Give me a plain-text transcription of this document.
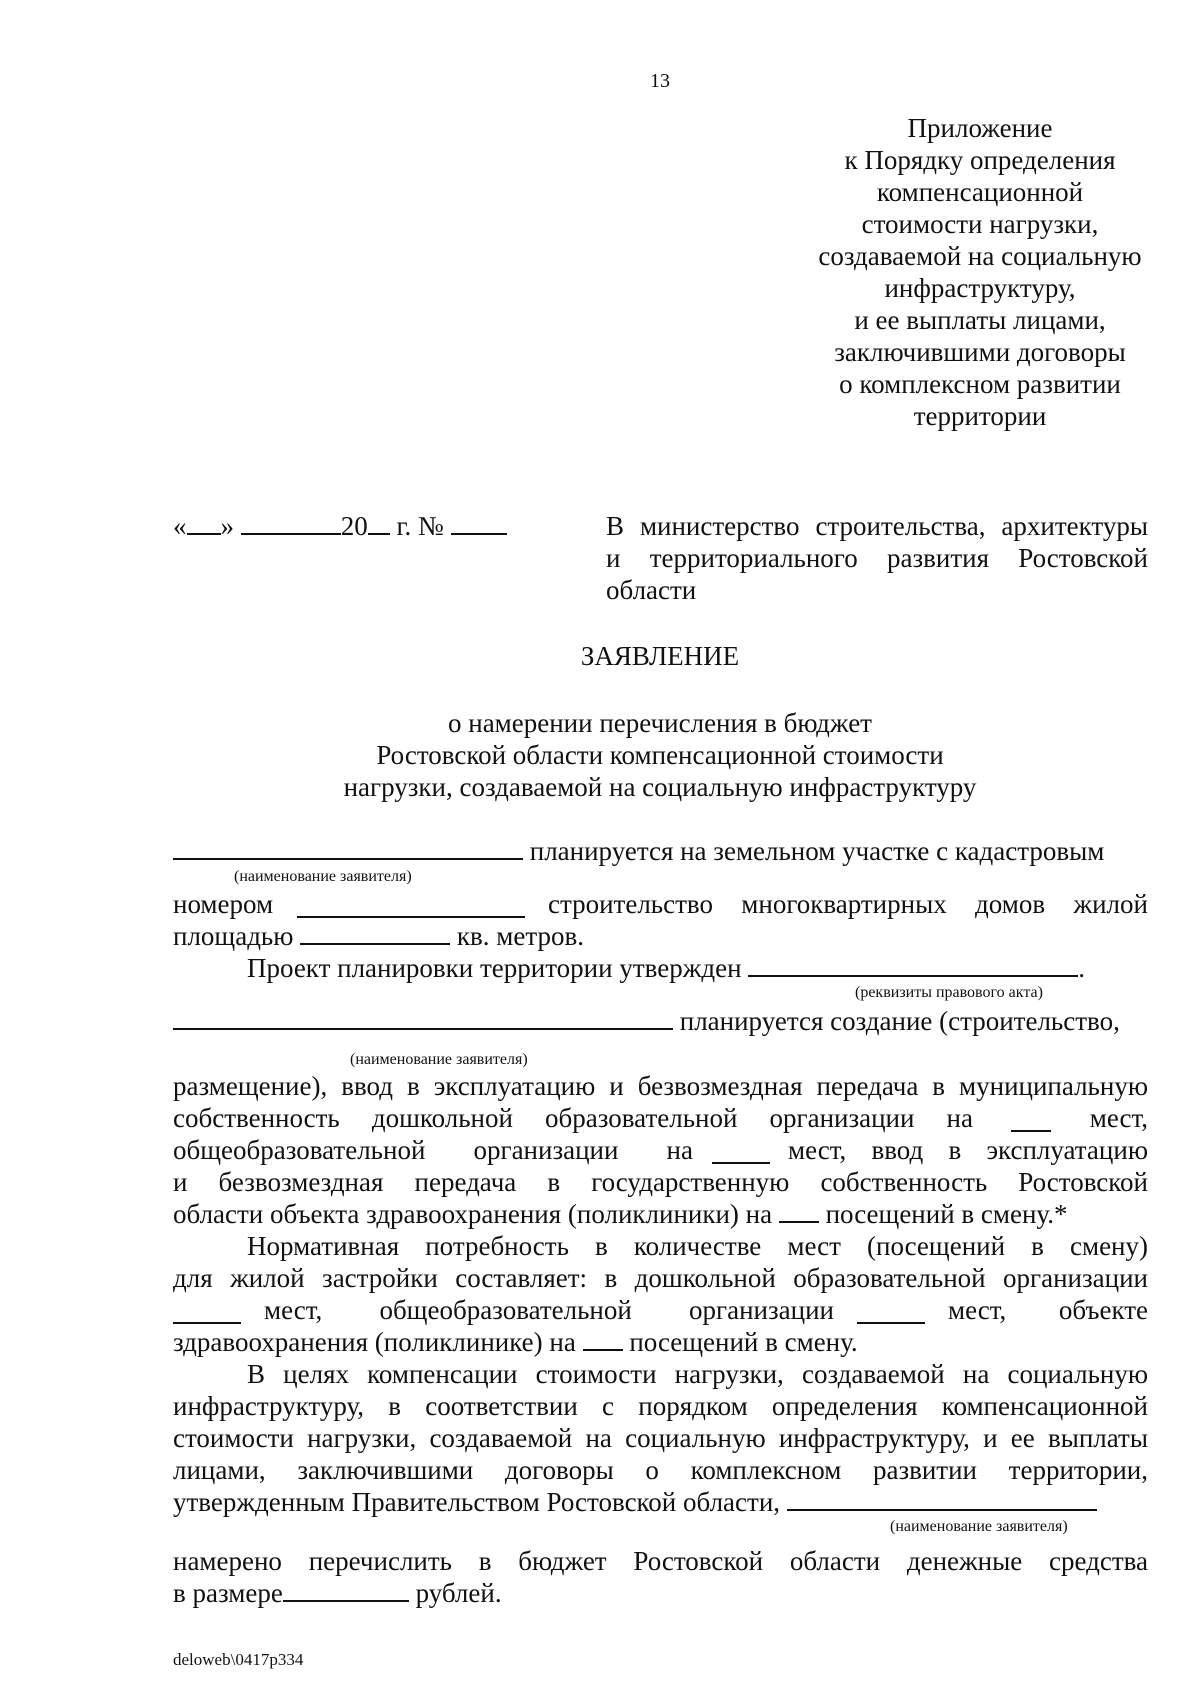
13
Приложение
к Порядку определения
компенсационной
стоимости нагрузки,
создаваемой на социальную
инфраструктуру,
и ее выплаты лицами,
заключившими договоры
о комплексном развитии
территории
« »	20 г. №	В министерство строительства, архитектуры
и территориального развития Ростовской
области
ЗАЯВЛЕНИЕ
о намерении перечисления в бюджет
Ростовской области компенсационной стоимости
нагрузки, создаваемой на социальную инфраструктуру
планируется на земельном участке с кадастровым
(наименование заявителя)
номером	строительство многоквартирных домов жилой
площадью	кв. метров.
Проект планировки территории утвержден	.
(реквизиты правового акта)
планируется создание (строительство,
(наименование заявителя)
размещение), ввод в эксплуатацию и безвозмездная передача в муниципальную
собственность дошкольной образовательной организации на	мест,
общеобразовательной организации на	мест, ввод в эксплуатацию
и безвозмездная передача в государственную собственность Ростовской
области объекта здравоохранения (поликлиники) на посещений в смену.*
Нормативная потребность в количестве мест (посещений в смену)
для жилой застройки составляет: в дошкольной образовательной организации
мест, общеобразовательной организации	мест, объекте
здравоохранения (поликлинике) на посещений в смену.
В целях компенсации стоимости нагрузки, создаваемой на социальную
инфраструктуру, в соответствии с порядком определения компенсационной
стоимости нагрузки, создаваемой на социальную инфраструктуру, и ее выплаты
лицами, заключившими договоры о комплексном развитии территории,
утвержденным Правительством Ростовской области,
(наименование заявителя)
намерено перечислить в бюджет Ростовской области денежные средства
в размере	рублей.
deloweb\0417p334
